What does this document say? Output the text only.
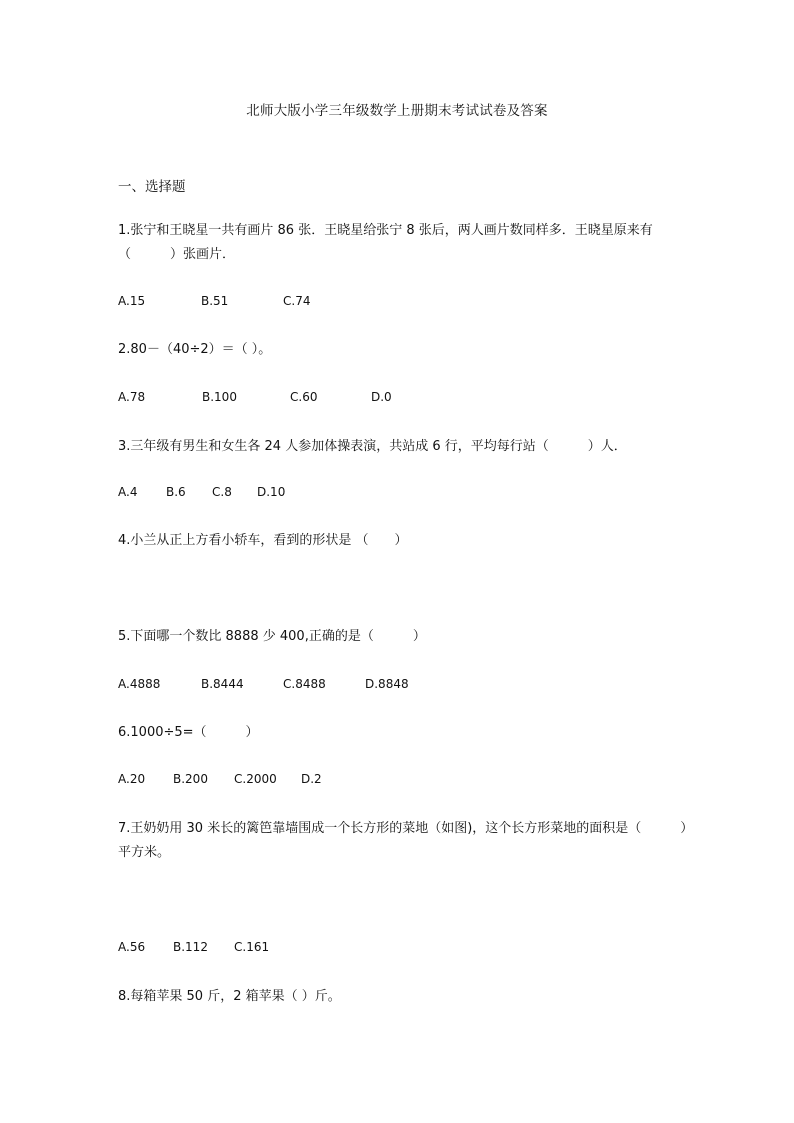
北师大版小学三年级数学上册期末考试试卷及答案
一、选择题
1.张宁和王晓星一共有画片 86 张．王晓星给张宁 8 张后，两人画片数同样多．王晓星原来有（　　　）张画片．
A.15	B.51	C.74
2.80－（40÷2）＝（ ）。
A.78	B.100	C.60	D.0
3.三年级有男生和女生各 24 人参加体操表演，共站成 6 行，平均每行站（　　　）人．
A.4 B.6 C.8 D.10
4.小兰从正上方看小轿车，看到的形状是 （　　）
5.下面哪一个数比 8888 少 400,正确的是（　　　）
A.4888	B.8444	C.8488	D.8848
6.1000÷5=（　　　）
A.20 B.200 C.2000 D.2
7.王奶奶用 30 米长的篱笆靠墙围成一个长方形的菜地（如图)，这个长方形菜地的面积是（　　　）平方米。
A.56 B.112 C.161
8.每箱苹果 50 斤，2 箱苹果（ ）斤。
